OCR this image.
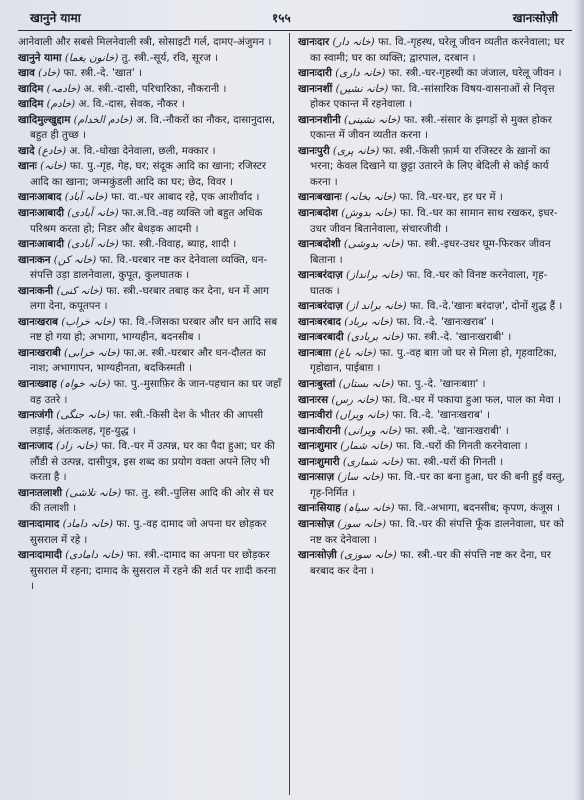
खानुने यामा	१५५	खानःसोज़ी

आनेवाली और सबसे मिलनेवाली स्त्री, सोसाइटी गर्ल, दामए-अंजुमन ।

खानुने यामा (خانون یغما) तु. स्त्री.-सूर्य, रवि, सूरज ।

खाव (خاد) फा. स्त्री.-दे. 'खात' ।

खादिम (خادمہ) अ. स्त्री.-दासी, परिचारिका, नौकरानी ।

खादिम (خادم) अ. वि.-दास, सेवक, नौकर ।

खादिमुल्खुद्दाम (خادم الخدام) अ. वि.-नौकरों का नौकर, दासानुदास, बहुत ही तुच्छ ।

खादे (خادع) अ. वि.-धोखा देनेवाला, छली, मक्कार ।

खानः (خانہ) फा. पु.-गृह, गेह, घर; संदूक आदि का खाना; रजिस्टर आदि का खाना; जन्मकुंडली आदि का घर; छेद, विवर ।

खानःआबाद (خانہ آباد) फा. वा.-घर आबाद रहे, एक आशीर्वाद ।

खानःआबादी (خانہ آبادی) फा.अ.वि.-वह व्यक्ति जो बहुत अधिक परिश्रम करता हो; निडर और बेधड़क आदमी ।

खानःआबादी (خانہ آبادی) फा. स्त्री.-विवाह, ब्याह, शादी ।

खानःकन (خانہ کن) फा. वि.-घरबार नष्ट कर देनेवाला व्यक्ति, धन-संपत्ति उड़ा डालनेवाला, कुपूत, कुलघातक ।

खानःकनी (خانہ کنی) फा. स्त्री.-घरबार तबाह कर देना, धन में आग लगा देना, कपूतपन ।

खानःखराब (خانہ خراب) फा. वि.-जिसका घरबार और धन आदि सब नष्ट हो गया हो; अभागा, भाग्यहीन, बदनसीब ।

खानःखराबी (خانہ خرابی) फा.अ. स्त्री.-घरबार और धन-दौलत का नाश; अभागापन, भाग्यहीनता, बदकिस्मती ।

खानःख्वाह (خانہ خواہ) फा. पु.-मुसाफ़िर के जान-पहचान का घर जहाँ वह उतरे ।

खानःजंगी (خانہ جنگی) फा. स्त्री.-किसी देश के भीतर की आपसी लड़ाई, अंतःकलह, गृह-युद्ध ।

खानःजाद (خانہ زاد) फा. वि.-घर में उत्पन्न, घर का पैदा हुआ; घर की लौंडी से उत्पन्न, दासीपुत्र, इस शब्द का प्रयोग वक्ता अपने लिए भी करता है ।

खानःतलाशी (خانہ تلاشی) फा. तु. स्त्री.-पुलिस आदि की ओर से घर की तलाशी ।

खानःदामाद (خانہ داماد) फा. पु.-वह दामाद जो अपना घर छोड़कर सुसराल में रहे ।

खानःदामादी (خانہ دامادی) फा. स्त्री.-दामाद का अपना घर छोड़कर सुसराल में रहना; दामाद के सुसराल में रहने की शर्त पर शादी करना ।

खानःदार (خانہ دار) फा. वि.-गृहस्थ, घरेलू जीवन व्यतीत करनेवाला; घर का स्वामी; घर का व्यक्ति; द्वारपाल, दरबान ।

खानःदारी (خانہ داری) फा. स्त्री.-घर-गृहस्थी का जंजाल, घरेलू जीवन ।

खानःनशीं (خانہ نشیں) फा. वि.-सांसारिक विषय-वासनाओं से निवृत्त होकर एकान्त में रहनेवाला ।

खानःनशीनी (خانہ نشینی) फा. स्त्री.-संसार के झगड़ों से मुक्त होकर एकान्त में जीवन व्यतीत करना ।

खानःपुरी (خانہ پری) फा. स्त्री.-किसी फ़ार्म या रजिस्टर के ख़ानों का भरना; केवल दिखाने या छुट्टा उतारने के लिए बेदिली से कोई कार्य करना ।

खानःबखानः (خانہ بخانہ) फा. वि.-घर-घर, हर घर में ।

खानःबदोश (خانہ بدوش) फा. वि.-घर का सामान साथ रखकर, इधर-उधर जीवन बितानेवाला, संचारजीवी ।

खानःबदोशी (خانہ بدوشی) फा. स्त्री.-इधर-उधर घूम-फिरकर जीवन बिताना ।

खानःबरंदाज़ (خانہ برانداز) फा. वि.-घर को विनष्ट करनेवाला, गृह-घातक ।

खानःबरंदाज़ (خانہ براند از) फा. वि.-दे.'खानः बरंदाज़', दोनों शुद्ध हैं ।

खानःबरबाद (خانہ برباد) फा. वि.-दे. 'खानःखराब' ।

खानःबरबादी (خانہ بربادی) फा. स्त्री.-दे. 'खानःखराबी' ।

खानःबाग़ (خانہ باغ) फा. पु.-वह बाग़ जो घर से मिला हो, गृहवाटिका, गृहोद्यान, पाईबाग़ ।

खानःबुस्तां (خانہ بستاں) फा. पु.-दे. 'खानःबाग़' ।

खानःरस (خانہ رس) फा. वि.-घर में पकाया हुआ फल, पाल का मेवा ।

खानःवीरां (خانہ ویراں) फा. वि.-दे. 'खानःखराब' ।

खानःवीरानी (خانہ ویرانی) फा. स्त्री.-दे. 'खानःखराबी' ।

खानःशुमार (خانہ شمار) फा. वि.-घरों की गिनती करनेवाला ।

खानःशुमारी (خانہ شماری) फा. स्त्री.-घरों की गिनती ।

खानःसाज़ (خانہ ساز) फा. वि.-घर का बना हुआ, घर की बनी हुई वस्तु, गृह-निर्मित ।

खानःसियाह (خانہ سیاہ) फा. वि.-अभागा, बदनसीब; कृपण, कंजूस ।

खानःसोज़ (خانہ سوز) फा. वि.-घर की संपत्ति फूँक डालनेवाला, घर को नष्ट कर देनेवाला ।

खानःसोज़ी (خانہ سوزی) फा. स्त्री.-घर की संपत्ति नष्ट कर देना, घर बरबाद कर देना ।
